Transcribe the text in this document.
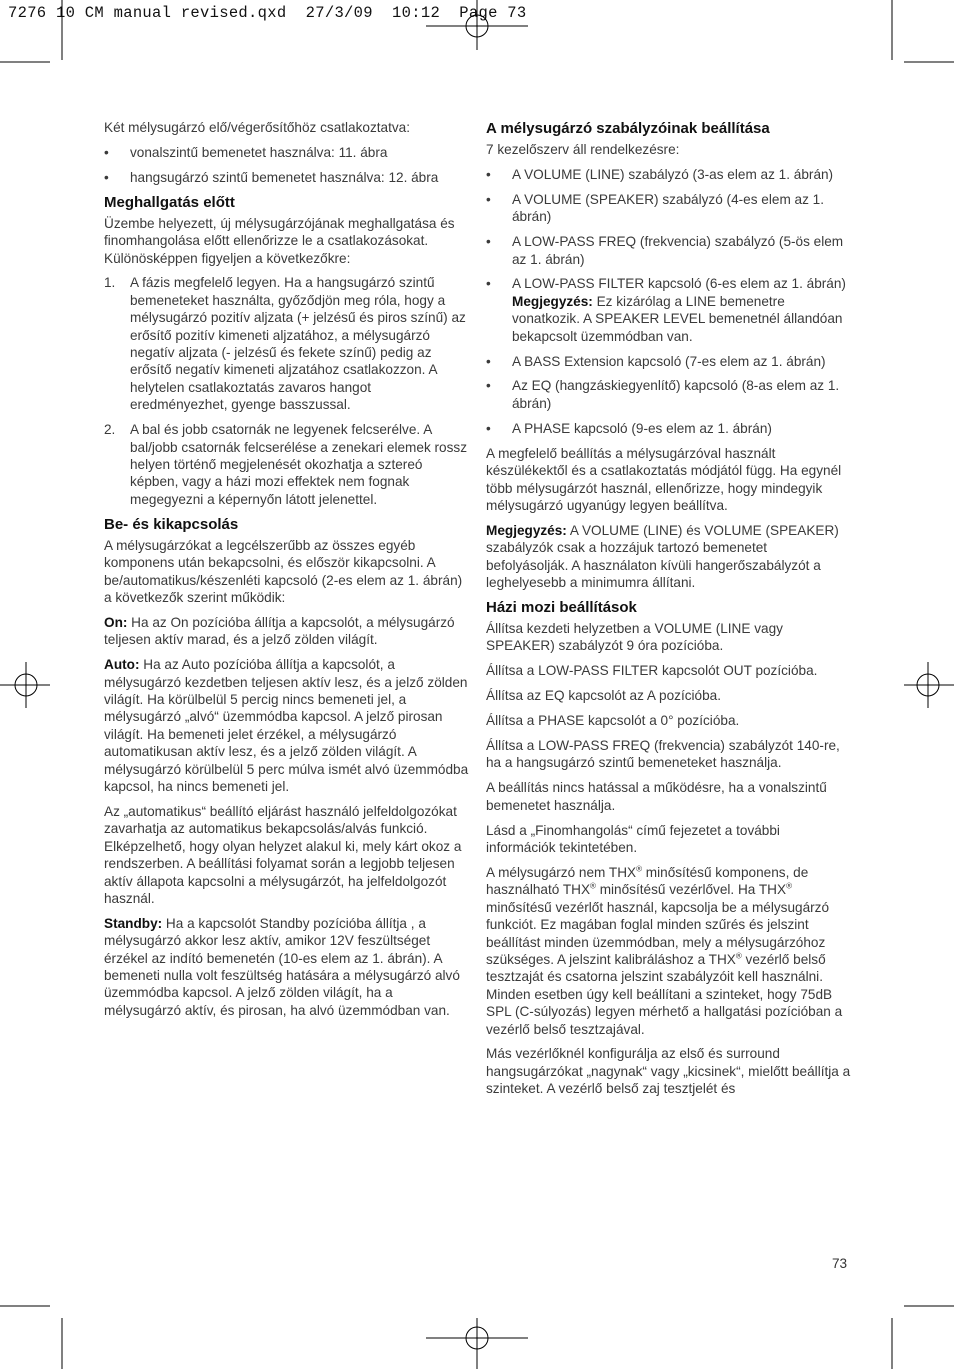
7276 10 CM manual revised.qxd  27/3/09  10:12  Page 73

Két mélysugárzó elő/végerősítőhöz csatlakoztatva:

• vonalszintű bemenetet használva: 11. ábra
• hangsugárzó szintű bemenetet használva: 12. ábra
Meghallgatás előtt

Üzembe helyezett, új mélysugárzójának meghallgatása és finomhangolása előtt ellenőrizze le a csatlakozásokat. Különösképpen figyeljen a következőkre:

1. A fázis megfelelő legyen. Ha a hangsugárzó szintű bemeneteket használta, győződjön meg róla, hogy a mélysugárzó pozitív aljzata (+ jelzésű és piros színű) az erősítő pozitív kimeneti aljzatához, a mélysugárzó negatív aljzata (- jelzésű és fekete színű) pedig az erősítő negatív kimeneti aljzatához csatlakozzon. A helytelen csatlakoztatás zavaros hangot eredményezhet, gyenge basszussal.
2. A bal és jobb csatornák ne legyenek felcserélve. A bal/jobb csatornák felcserélése a zenekari elemek rossz helyen történő megjelenését okozhatja a sztereó képben, vagy a házi mozi effektek nem fognak megegyezni a képernyőn látott jelenettel.
Be- és kikapcsolás

A mélysugárzókat a legcélszerűbb az összes egyéb komponens után bekapcsolni, és először kikapcsolni. A be/automatikus/készenléti kapcsoló (2-es elem az 1. ábrán) a következők szerint működik:

On: Ha az On pozícióba állítja a kapcsolót, a mélysugárzó teljesen aktív marad, és a jelző zölden világít.

Auto: Ha az Auto pozícióba állítja a kapcsolót, a mélysugárzó kezdetben teljesen aktív lesz, és a jelző zölden világít. Ha körülbelül 5 percig nincs bemeneti jel, a mélysugárzó „alvó“ üzemmódba kapcsol. A jelző pirosan világít. Ha bemeneti jelet érzékel, a mélysugárzó automatikusan aktív lesz, és a jelző zölden világít. A mélysugárzó körülbelül 5 perc múlva ismét alvó üzemmódba kapcsol, ha nincs bemeneti jel.

Az „automatikus“ beállító eljárást használó jelfeldolgozókat zavarhatja az automatikus bekapcsolás/alvás funkció. Elképzelhető, hogy olyan helyzet alakul ki, mely kárt okoz a rendszerben. A beállítási folyamat során a legjobb teljesen aktív állapota kapcsolni a mélysugárzót, ha jelfeldolgozót használ.

Standby: Ha a kapcsolót Standby pozícióba állítja , a mélysugárzó akkor lesz aktív, amikor 12V feszültséget érzékel az indító bemenetén (10-es elem az 1. ábrán). A bemeneti nulla volt feszültség hatására a mélysugárzó alvó üzemmódba kapcsol. A jelző zölden világít, ha a mélysugárzó aktív, és pirosan, ha alvó üzemmódban van.

A mélysugárzó szabályzóinak beállítása

7 kezelőszerv áll rendelkezésre:

• A VOLUME (LINE) szabályzó (3-as elem az 1. ábrán)
• A VOLUME (SPEAKER) szabályzó (4-es elem az 1. ábrán)
• A LOW-PASS FREQ (frekvencia) szabályzó (5-ös elem az 1. ábrán)
• A LOW-PASS FILTER kapcsoló (6-es elem az 1. ábrán)
Megjegyzés: Ez kizárólag a LINE bemenetre vonatkozik. A SPEAKER LEVEL bemenetnél állandóan bekapcsolt üzemmódban van.
• A BASS Extension kapcsoló (7-es elem az 1. ábrán)
• Az EQ (hangzáskiegyenlítő) kapcsoló (8-as elem az 1. ábrán)
• A PHASE kapcsoló (9-es elem az 1. ábrán)

A megfelelő beállítás a mélysugárzóval használt készülékektől és a csatlakoztatás módjától függ. Ha egynél több mélysugárzót használ, ellenőrizze, hogy mindegyik mélysugárzó ugyanúgy legyen beállítva.

Megjegyzés: A VOLUME (LINE) és VOLUME (SPEAKER) szabályzók csak a hozzájuk tartozó bemenetet befolyásolják. A használaton kívüli hangerőszabályzót a leghelyesebb a minimumra állítani.

Házi mozi beállítások

Állítsa kezdeti helyzetben a VOLUME (LINE vagy SPEAKER) szabályzót 9 óra pozícióba.

Állítsa a LOW-PASS FILTER kapcsolót OUT pozícióba.

Állítsa az EQ kapcsolót az A pozícióba.

Állítsa a PHASE kapcsolót a 0° pozícióba.

Állítsa a LOW-PASS FREQ (frekvencia) szabályzót 140-re, ha a hangsugárzó szintű bemeneteket használja.

A beállítás nincs hatással a működésre, ha a vonalszintű bemenetet használja.

Lásd a „Finomhangolás“ című fejezetet a további információk tekintetében.

A mélysugárzó nem THX® minősítésű komponens, de használható THX® minősítésű vezérlővel. Ha THX® minősítésű vezérlőt használ, kapcsolja be a mélysugárzó funkciót. Ez magában foglal minden szűrés és jelszint beállítást minden üzemmódban, mely a mélysugárzóhoz szükséges. A jelszint kalibráláshoz a THX® vezérlő belső tesztzaját és csatorna jelszint szabályzóit kell használni. Minden esetben úgy kell beállítani a szinteket, hogy 75dB SPL (C-súlyozás) legyen mérhető a hallgatási pozícióban a vezérlő belső tesztzajával.

Más vezérlőknél konfigurálja az első és surround hangsugárzókat „nagynak“ vagy „kicsinek“, mielőtt beállítja a szinteket. A vezérlő belső zaj tesztjelét és

73
